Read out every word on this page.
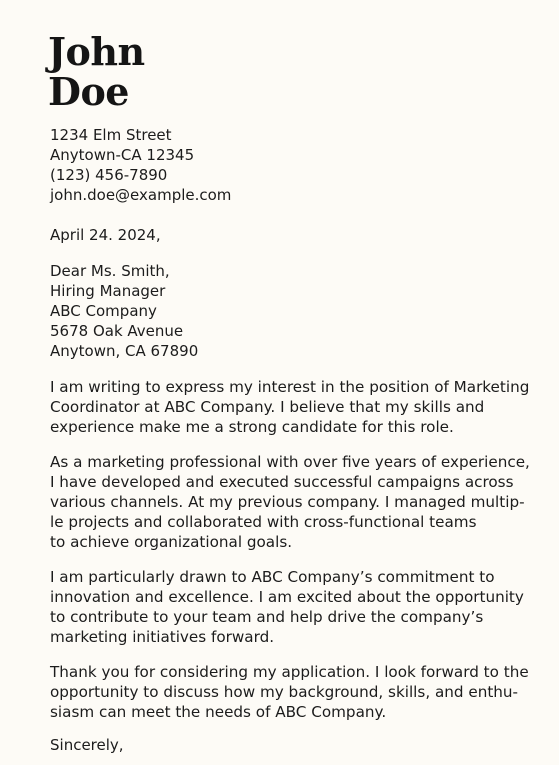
John
Doe
1234 Elm Street
Anytown-CA 12345
(123) 456-7890
john.doe@example.com
April 24. 2024,
Dear Ms. Smith,
Hiring Manager
ABC Company
5678 Oak Avenue
Anytown, CA 67890
I am writing to express my interest in the position of Marketing
Coordinator at ABC Company. I believe that my skills and
experience make me a strong candidate for this role.
As a marketing professional with over five years of experience,
I have developed and executed successful campaigns across
various channels. At my previous company. I managed multip-
le projects and collaborated with cross-functional teams
to achieve organizational goals.
I am particularly drawn to ABC Company’s commitment to
innovation and excellence. I am excited about the opportunity
to contribute to your team and help drive the company’s
marketing initiatives forward.
Thank you for considering my application. I look forward to the
opportunity to discuss how my background, skills, and enthu-
siasm can meet the needs of ABC Company.
Sincerely,
